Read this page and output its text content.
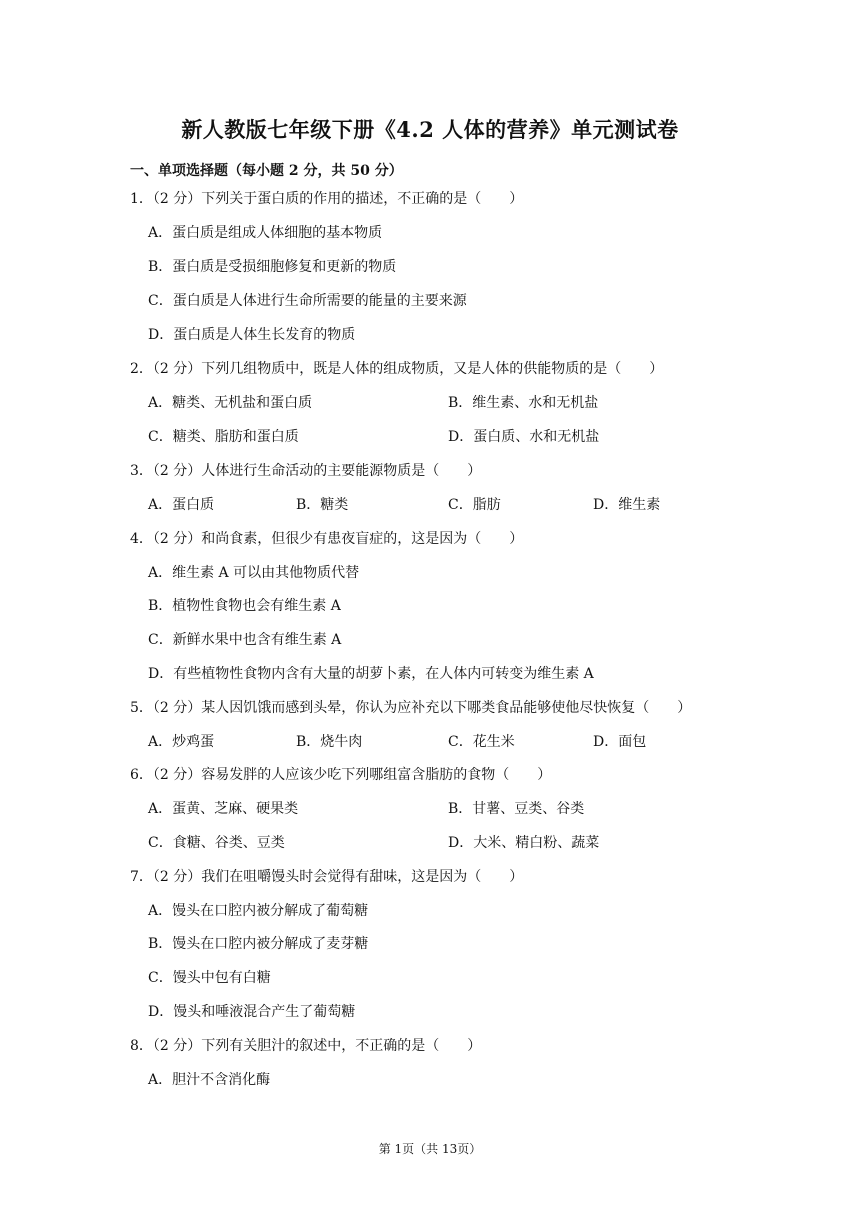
新人教版七年级下册《4.2 人体的营养》单元测试卷
一、单项选择题（每小题 2 分，共 50 分）
1．（2 分）下列关于蛋白质的作用的描述，不正确的是（　　）
A．蛋白质是组成人体细胞的基本物质
B．蛋白质是受损细胞修复和更新的物质
C．蛋白质是人体进行生命所需要的能量的主要来源
D．蛋白质是人体生长发育的物质
2．（2 分）下列几组物质中，既是人体的组成物质，又是人体的供能物质的是（　　）
A．糖类、无机盐和蛋白质	B．维生素、水和无机盐
C．糖类、脂肪和蛋白质	D．蛋白质、水和无机盐
3．（2 分）人体进行生命活动的主要能源物质是（　　）
A．蛋白质	B．糖类	C．脂肪	D．维生素
4．（2 分）和尚食素，但很少有患夜盲症的，这是因为（　　）
A．维生素 A 可以由其他物质代替
B．植物性食物也会有维生素 A
C．新鲜水果中也含有维生素 A
D．有些植物性食物内含有大量的胡萝卜素，在人体内可转变为维生素 A
5．（2 分）某人因饥饿而感到头晕，你认为应补充以下哪类食品能够使他尽快恢复（　　）
A．炒鸡蛋	B．烧牛肉	C．花生米	D．面包
6．（2 分）容易发胖的人应该少吃下列哪组富含脂肪的食物（　　）
A．蛋黄、芝麻、硬果类	B．甘薯、豆类、谷类
C．食糖、谷类、豆类	D．大米、精白粉、蔬菜
7．（2 分）我们在咀嚼馒头时会觉得有甜味，这是因为（　　）
A．馒头在口腔内被分解成了葡萄糖
B．馒头在口腔内被分解成了麦芽糖
C．馒头中包有白糖
D．馒头和唾液混合产生了葡萄糖
8．（2 分）下列有关胆汁的叙述中，不正确的是（　　）
A．胆汁不含消化酶
第 1页（共 13页）
